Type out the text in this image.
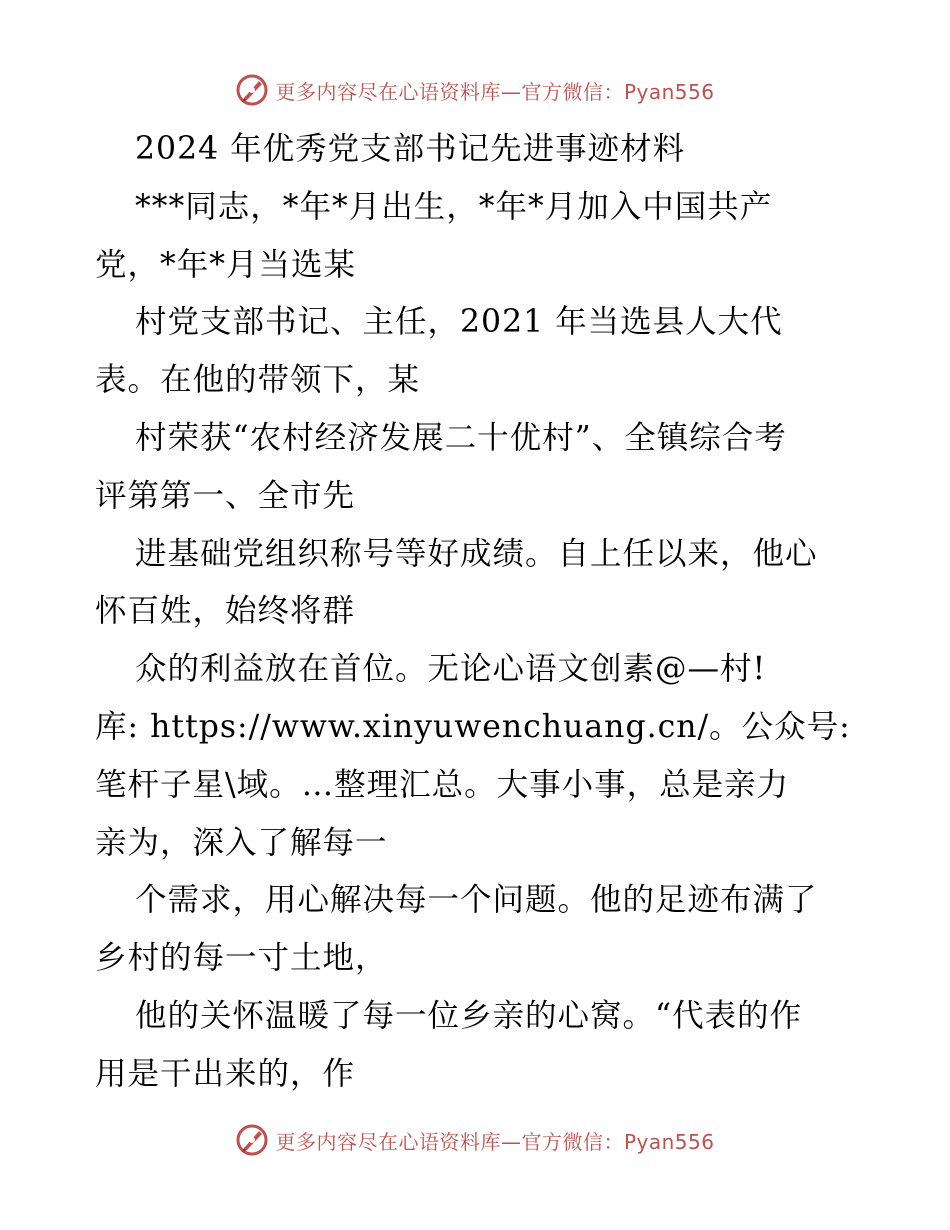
更多内容尽在心语资料库—官方微信：Pyan556
2024 年优秀党支部书记先进事迹材料
***同志，*年*月出生，*年*月加入中国共产
党，*年*月当选某
村党支部书记、主任，2021 年当选县人大代
表。在他的带领下，某
村荣获“农村经济发展二十优村”、全镇综合考
评第第一、全市先
进基础党组织称号等好成绩。自上任以来，他心
怀百姓，始终将群
众的利益放在首位。无论心语文创素@—村!
库: https://www.xinyuwenchuang.cn/。公众号:
笔杆子星\域。…整理汇总。大事小事，总是亲力
亲为，深入了解每一
个需求，用心解决每一个问题。他的足迹布满了
乡村的每一寸土地，
他的关怀温暖了每一位乡亲的心窝。“代表的作
用是干出来的，作
更多内容尽在心语资料库—官方微信：Pyan556
